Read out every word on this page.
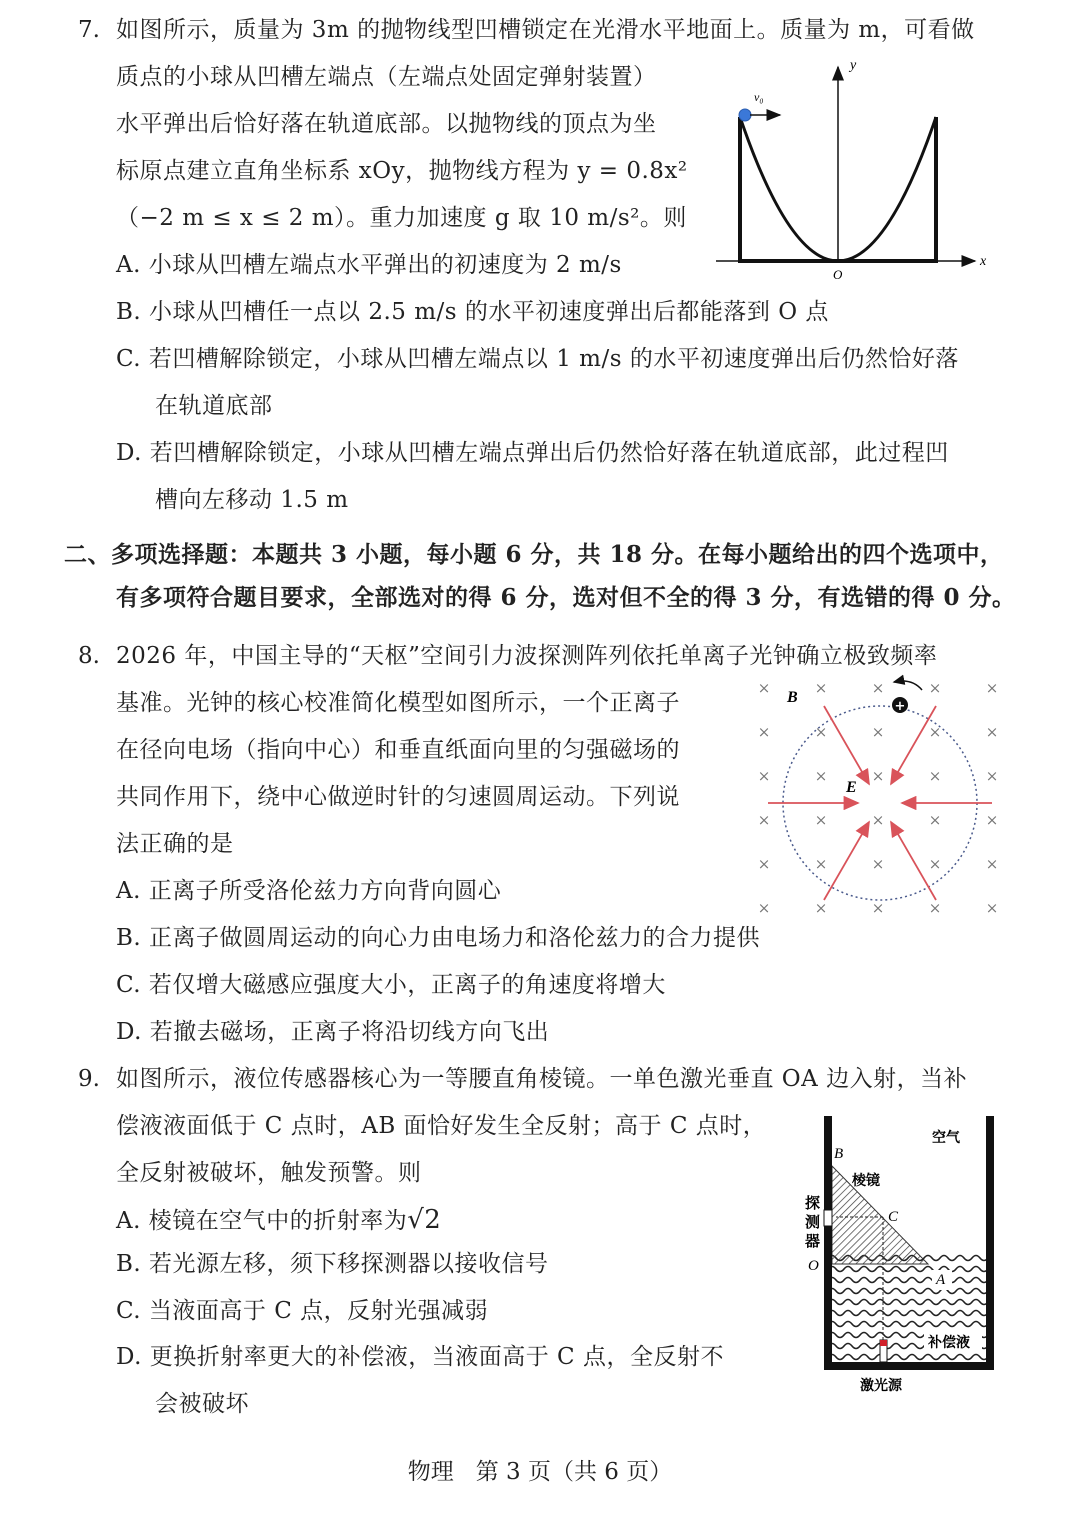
7. 如图所示，质量为 3m 的抛物线型凹槽锁定在光滑水平地面上。质量为 m，可看做
质点的小球从凹槽左端点（左端点处固定弹射装置）
水平弹出后恰好落在轨道底部。以抛物线的顶点为坐
标原点建立直角坐标系 xOy，抛物线方程为 y = 0.8x²
（−2 m ≤ x ≤ 2 m）。重力加速度 g 取 10 m/s²。则
A. 小球从凹槽左端点水平弹出的初速度为 2 m/s
B. 小球从凹槽任一点以 2.5 m/s 的水平初速度弹出后都能落到 O 点
C. 若凹槽解除锁定，小球从凹槽左端点以 1 m/s 的水平初速度弹出后仍然恰好落
在轨道底部
D. 若凹槽解除锁定，小球从凹槽左端点弹出后仍然恰好落在轨道底部，此过程凹
槽向左移动 1.5 m
v₀
y
x
O
二、多项选择题：本题共 3 小题，每小题 6 分，共 18 分。在每小题给出的四个选项中，
有多项符合题目要求，全部选对的得 6 分，选对但不全的得 3 分，有选错的得 0 分。
8. 2026 年，中国主导的“天枢”空间引力波探测阵列依托单离子光钟确立极致频率
基准。光钟的核心校准简化模型如图所示，一个正离子
在径向电场（指向中心）和垂直纸面向里的匀强磁场的
共同作用下，绕中心做逆时针的匀速圆周运动。下列说
法正确的是
A. 正离子所受洛伦兹力方向背向圆心
B. 正离子做圆周运动的向心力由电场力和洛伦兹力的合力提供
C. 若仅增大磁感应强度大小，正离子的角速度将增大
D. 若撤去磁场，正离子将沿切线方向飞出
×	×	×	×	×
×	×	×	×	×
×	×	×	×	×
×	×	×	×	×
×	×	×	×	×
×	×	×	×	×
+
B
E
9. 如图所示，液位传感器核心为一等腰直角棱镜。一单色激光垂直 OA 边入射，当补
偿液液面低于 C 点时，AB 面恰好发生全反射；高于 C 点时，
全反射被破坏，触发预警。则
A. 棱镜在空气中的折射率为√2
B. 若光源左移，须下移探测器以接收信号
C. 当液面高于 C 点，反射光强减弱
D. 更换折射率更大的补偿液，当液面高于 C 点，全反射不
会被破坏
空气
棱镜
补偿液
激光源
探
测
器
B
C
O
A
物理 第 3 页（共 6 页）
